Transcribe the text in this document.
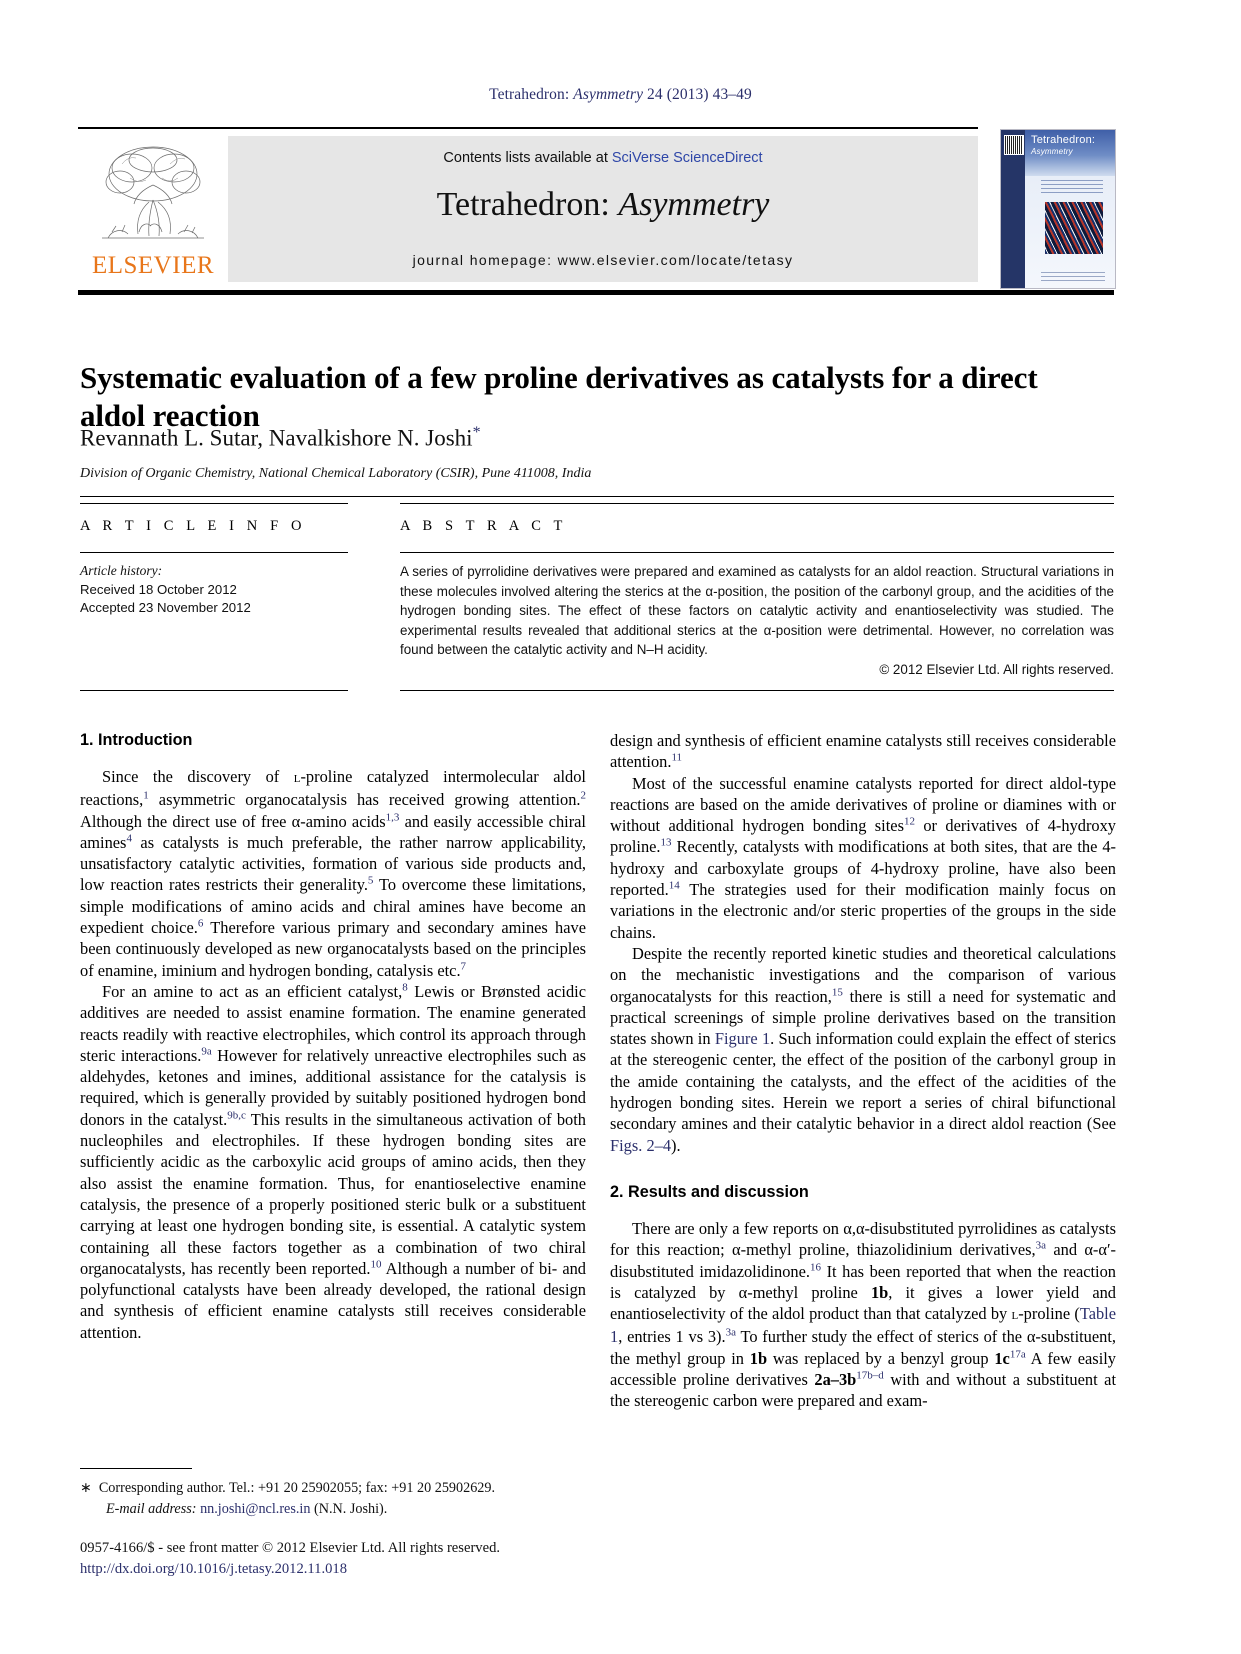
Tetrahedron: Asymmetry 24 (2013) 43–49
ELSEVIER
Contents lists available at SciVerse ScienceDirect
Tetrahedron: Asymmetry
journal homepage: www.elsevier.com/locate/tetasy
Tetrahedron:
Asymmetry
Systematic evaluation of a few proline derivatives as catalysts for a direct aldol reaction
Revannath L. Sutar, Navalkishore N. Joshi*
Division of Organic Chemistry, National Chemical Laboratory (CSIR), Pune 411008, India
A R T I C L E I N F O	A B S T R A C T
Article history:
Received 18 October 2012
Accepted 23 November 2012
A series of pyrrolidine derivatives were prepared and examined as catalysts for an aldol reaction. Structural variations in these molecules involved altering the sterics at the α-position, the position of the carbonyl group, and the acidities of the hydrogen bonding sites. The effect of these factors on catalytic activity and enantioselectivity was studied. The experimental results revealed that additional sterics at the α-position were detrimental. However, no correlation was found between the catalytic activity and N–H acidity.
© 2012 Elsevier Ltd. All rights reserved.
1. Introduction

Since the discovery of l-proline catalyzed intermolecular aldol reactions,$^1$ asymmetric organocatalysis has received growing attention.$^2$ Although the direct use of free α-amino acids$^{1,3}$ and easily accessible chiral amines$^4$ as catalysts is much preferable, the rather narrow applicability, unsatisfactory catalytic activities, formation of various side products and, low reaction rates restricts their generality.$^5$ To overcome these limitations, simple modifications of amino acids and chiral amines have become an expedient choice.$^6$ Therefore various primary and secondary amines have been continuously developed as new organocatalysts based on the principles of enamine, iminium and hydrogen bonding, catalysis etc.$^7$

For an amine to act as an efficient catalyst,$^8$ Lewis or Brønsted acidic additives are needed to assist enamine formation. The enamine generated reacts readily with reactive electrophiles, which control its approach through steric interactions.$^{9a}$ However for relatively unreactive electrophiles such as aldehydes, ketones and imines, additional assistance for the catalysis is required, which is generally provided by suitably positioned hydrogen bond donors in the catalyst.$^{9b,c}$ This results in the simultaneous activation of both nucleophiles and electrophiles. If these hydrogen bonding sites are sufficiently acidic as the carboxylic acid groups of amino acids, then they also assist the enamine formation. Thus, for enantioselective enamine catalysis, the presence of a properly positioned steric bulk or a substituent carrying at least one hydrogen bonding site, is essential. A catalytic system containing all these factors together as a combination of two chiral organocatalysts, has recently been reported.$^{10}$ Although a number of bi- and polyfunctional catalysts have been already developed, the rational design and synthesis of efficient enamine catalysts still receives considerable attention.

design and synthesis of efficient enamine catalysts still receives considerable attention.$^{11}$

Most of the successful enamine catalysts reported for direct aldol-type reactions are based on the amide derivatives of proline or diamines with or without additional hydrogen bonding sites$^{12}$ or derivatives of 4-hydroxy proline.$^{13}$ Recently, catalysts with modifications at both sites, that are the 4-hydroxy and carboxylate groups of 4-hydroxy proline, have also been reported.$^{14}$ The strategies used for their modification mainly focus on variations in the electronic and/or steric properties of the groups in the side chains.

Despite the recently reported kinetic studies and theoretical calculations on the mechanistic investigations and the comparison of various organocatalysts for this reaction,$^{15}$ there is still a need for systematic and practical screenings of simple proline derivatives based on the transition states shown in Figure 1. Such information could explain the effect of sterics at the stereogenic center, the effect of the position of the carbonyl group in the amide containing the catalysts, and the effect of the acidities of the hydrogen bonding sites. Herein we report a series of chiral bifunctional secondary amines and their catalytic behavior in a direct aldol reaction (See Figs. 2–4).

2. Results and discussion

There are only a few reports on α,α-disubstituted pyrrolidines as catalysts for this reaction; α-methyl proline, thiazolidinium derivatives,$^{3a}$ and α-α′-disubstituted imidazolidinone.$^{16}$ It has been reported that when the reaction is catalyzed by α-methyl proline 1b, it gives a lower yield and enantioselectivity of the aldol product than that catalyzed by l-proline (Table 1, entries 1 vs 3).$^{3a}$ To further study the effect of sterics of the α-substituent, the methyl group in 1b was replaced by a benzyl group 1c$^{17a}$ A few easily accessible proline derivatives 2a–3b$^{17b-d}$ with and without a substituent at the stereogenic carbon were prepared and exam-

∗ Corresponding author. Tel.: +91 20 25902055; fax: +91 20 25902629.
E-mail address: nn.joshi@ncl.res.in (N.N. Joshi).
0957-4166/$ - see front matter © 2012 Elsevier Ltd. All rights reserved.
http://dx.doi.org/10.1016/j.tetasy.2012.11.018
